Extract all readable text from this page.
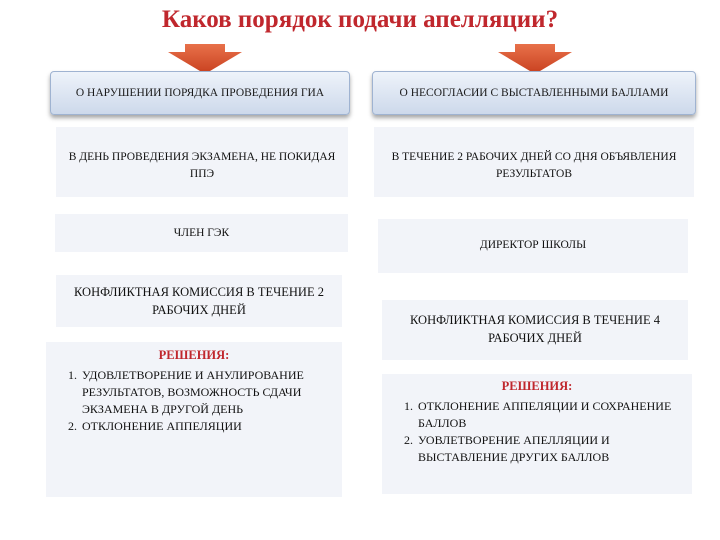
Каков порядок подачи апелляции?
О НАРУШЕНИИ ПОРЯДКА ПРОВЕДЕНИЯ ГИА
В ДЕНЬ ПРОВЕДЕНИЯ ЭКЗАМЕНА, НЕ ПОКИДАЯ ППЭ
ЧЛЕН ГЭК
КОНФЛИКТНАЯ КОМИССИЯ В ТЕЧЕНИЕ 2 РАБОЧИХ ДНЕЙ
РЕШЕНИЯ:
1. УДОВЛЕТВОРЕНИЕ И АНУЛИРОВАНИЕ РЕЗУЛЬТАТОВ, ВОЗМОЖНОСТЬ СДАЧИ ЭКЗАМЕНА В ДРУГОЙ ДЕНЬ
2. ОТКЛОНЕНИЕ АППЕЛЯЦИИ
О НЕСОГЛАСИИ С ВЫСТАВЛЕННЫМИ БАЛЛАМИ
В ТЕЧЕНИЕ 2 РАБОЧИХ ДНЕЙ СО ДНЯ ОБЪЯВЛЕНИЯ РЕЗУЛЬТАТОВ
ДИРЕКТОР ШКОЛЫ
КОНФЛИКТНАЯ КОМИССИЯ В ТЕЧЕНИЕ 4 РАБОЧИХ ДНЕЙ
РЕШЕНИЯ:
1. ОТКЛОНЕНИЕ АППЕЛЯЦИИ И СОХРАНЕНИЕ БАЛЛОВ
2. УОВЛЕТВОРЕНИЕ АПЕЛЛЯЦИИ И ВЫСТАВЛЕНИЕ ДРУГИХ БАЛЛОВ
